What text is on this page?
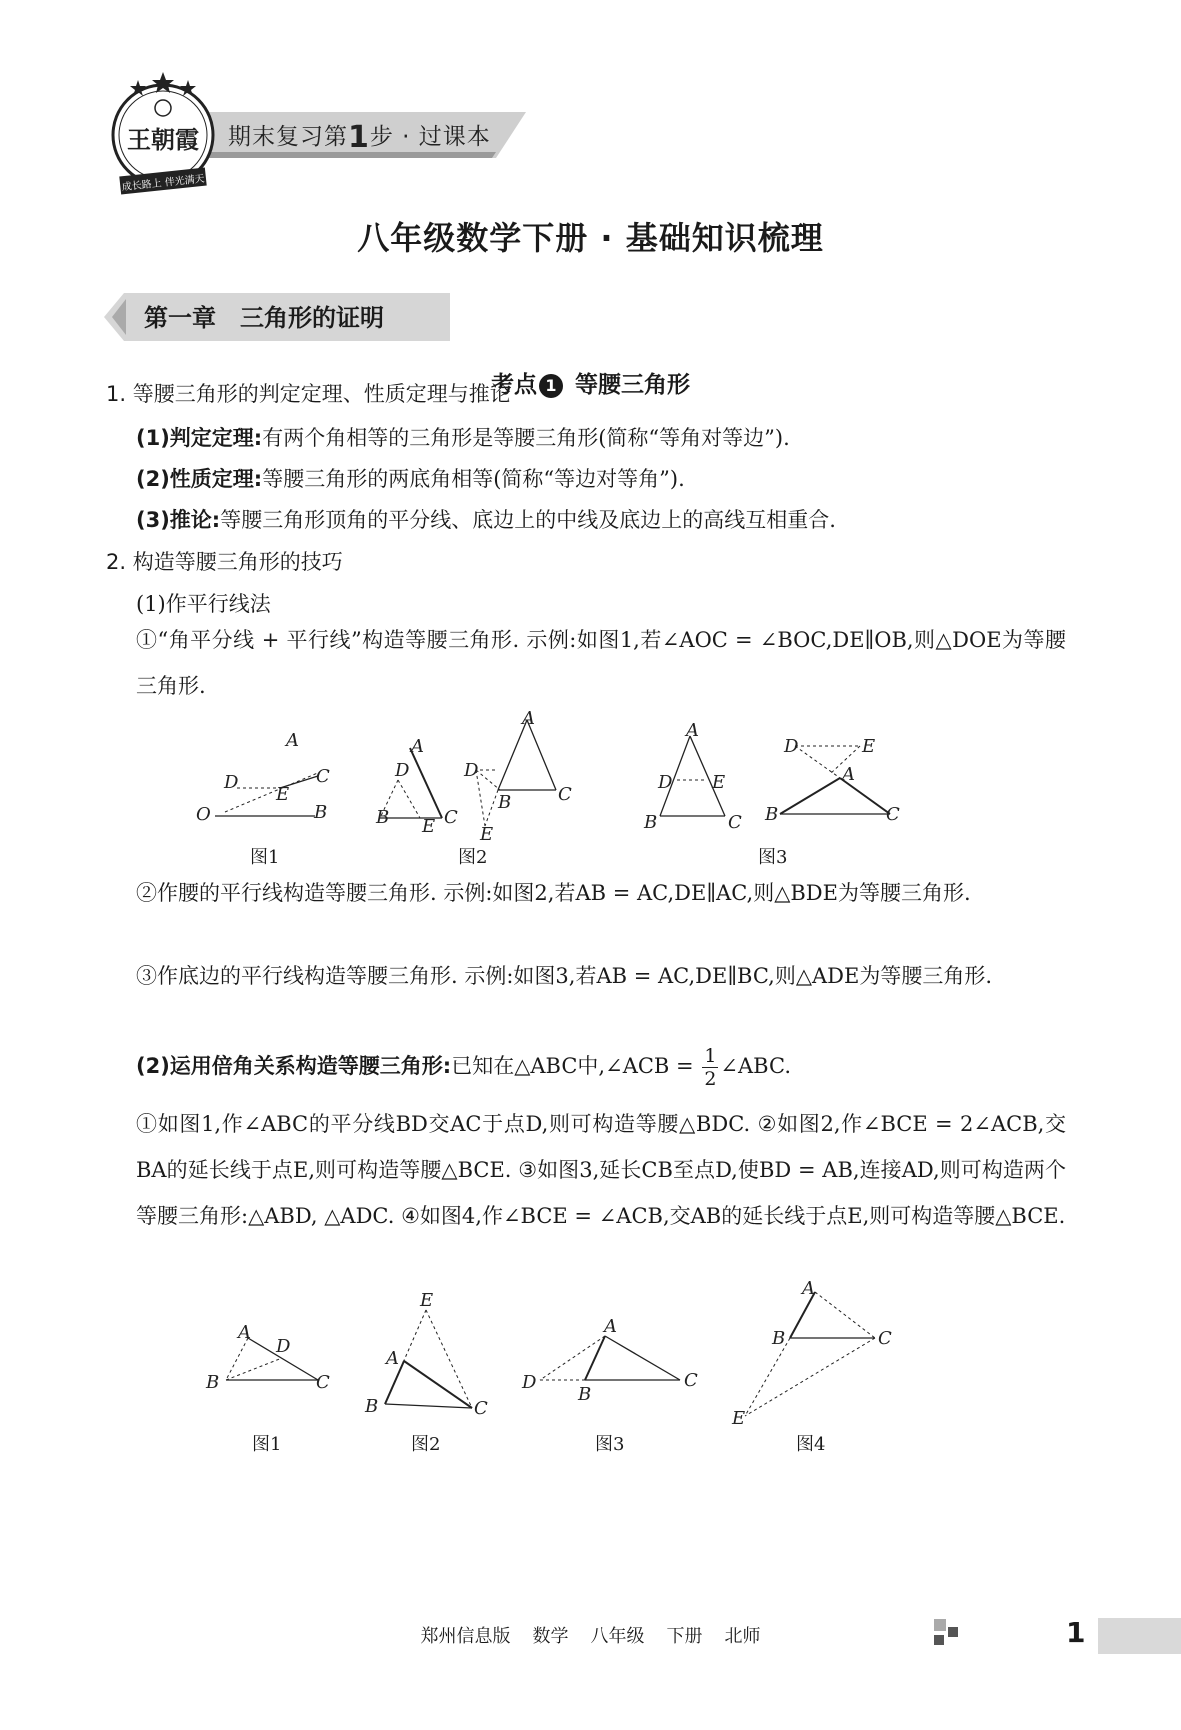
王朝霞
成长路上 伴光满天
期末复习第1步 · 过课本
八年级数学下册 · 基础知识梳理
第一章　三角形的证明
考点 1 等腰三角形
1. 等腰三角形的判定定理、性质定理与推论
(1)判定定理:有两个角相等的三角形是等腰三角形(简称“等角对等边”).
(2)性质定理:等腰三角形的两底角相等(简称“等边对等角”).
(3)推论:等腰三角形顶角的平分线、底边上的中线及底边上的高线互相重合.
2. 构造等腰三角形的技巧
(1)作平行线法
①“角平分线 + 平行线”构造等腰三角形. 示例:如图1,若∠AOC = ∠BOC,DE∥OB,则△DOE为等腰三角形.
A
D	C
E
O	B
A
D
B E C
A
D
B	C
E
A
D E
B	C
D	E
A
B	C
图1	图2	图3
②作腰的平行线构造等腰三角形. 示例:如图2,若AB = AC,DE∥AC,则△BDE为等腰三角形.
③作底边的平行线构造等腰三角形. 示例:如图3,若AB = AC,DE∥BC,则△ADE为等腰三角形.
(2)运用倍角关系构造等腰三角形:已知在△ABC中,∠ACB = $\frac{1}{2}$ ∠ABC.
①如图1,作∠ABC的平分线BD交AC于点D,则可构造等腰△BDC. ②如图2,作∠BCE = 2∠ACB,交BA的延长线于点E,则可构造等腰△BCE. ③如图3,延长CB至点D,使BD = AB,连接AD,则可构造两个等腰三角形:△ABD, △ADC. ④如图4,作∠BCE = ∠ACB,交AB的延长线于点E,则可构造等腰△BCE.
A
D
B	C
E
A
B	C
A
D
B
C
A
B	C
E
图1	图2	图3	图4
郑州信息版 数学 八年级 下册 北师	1
